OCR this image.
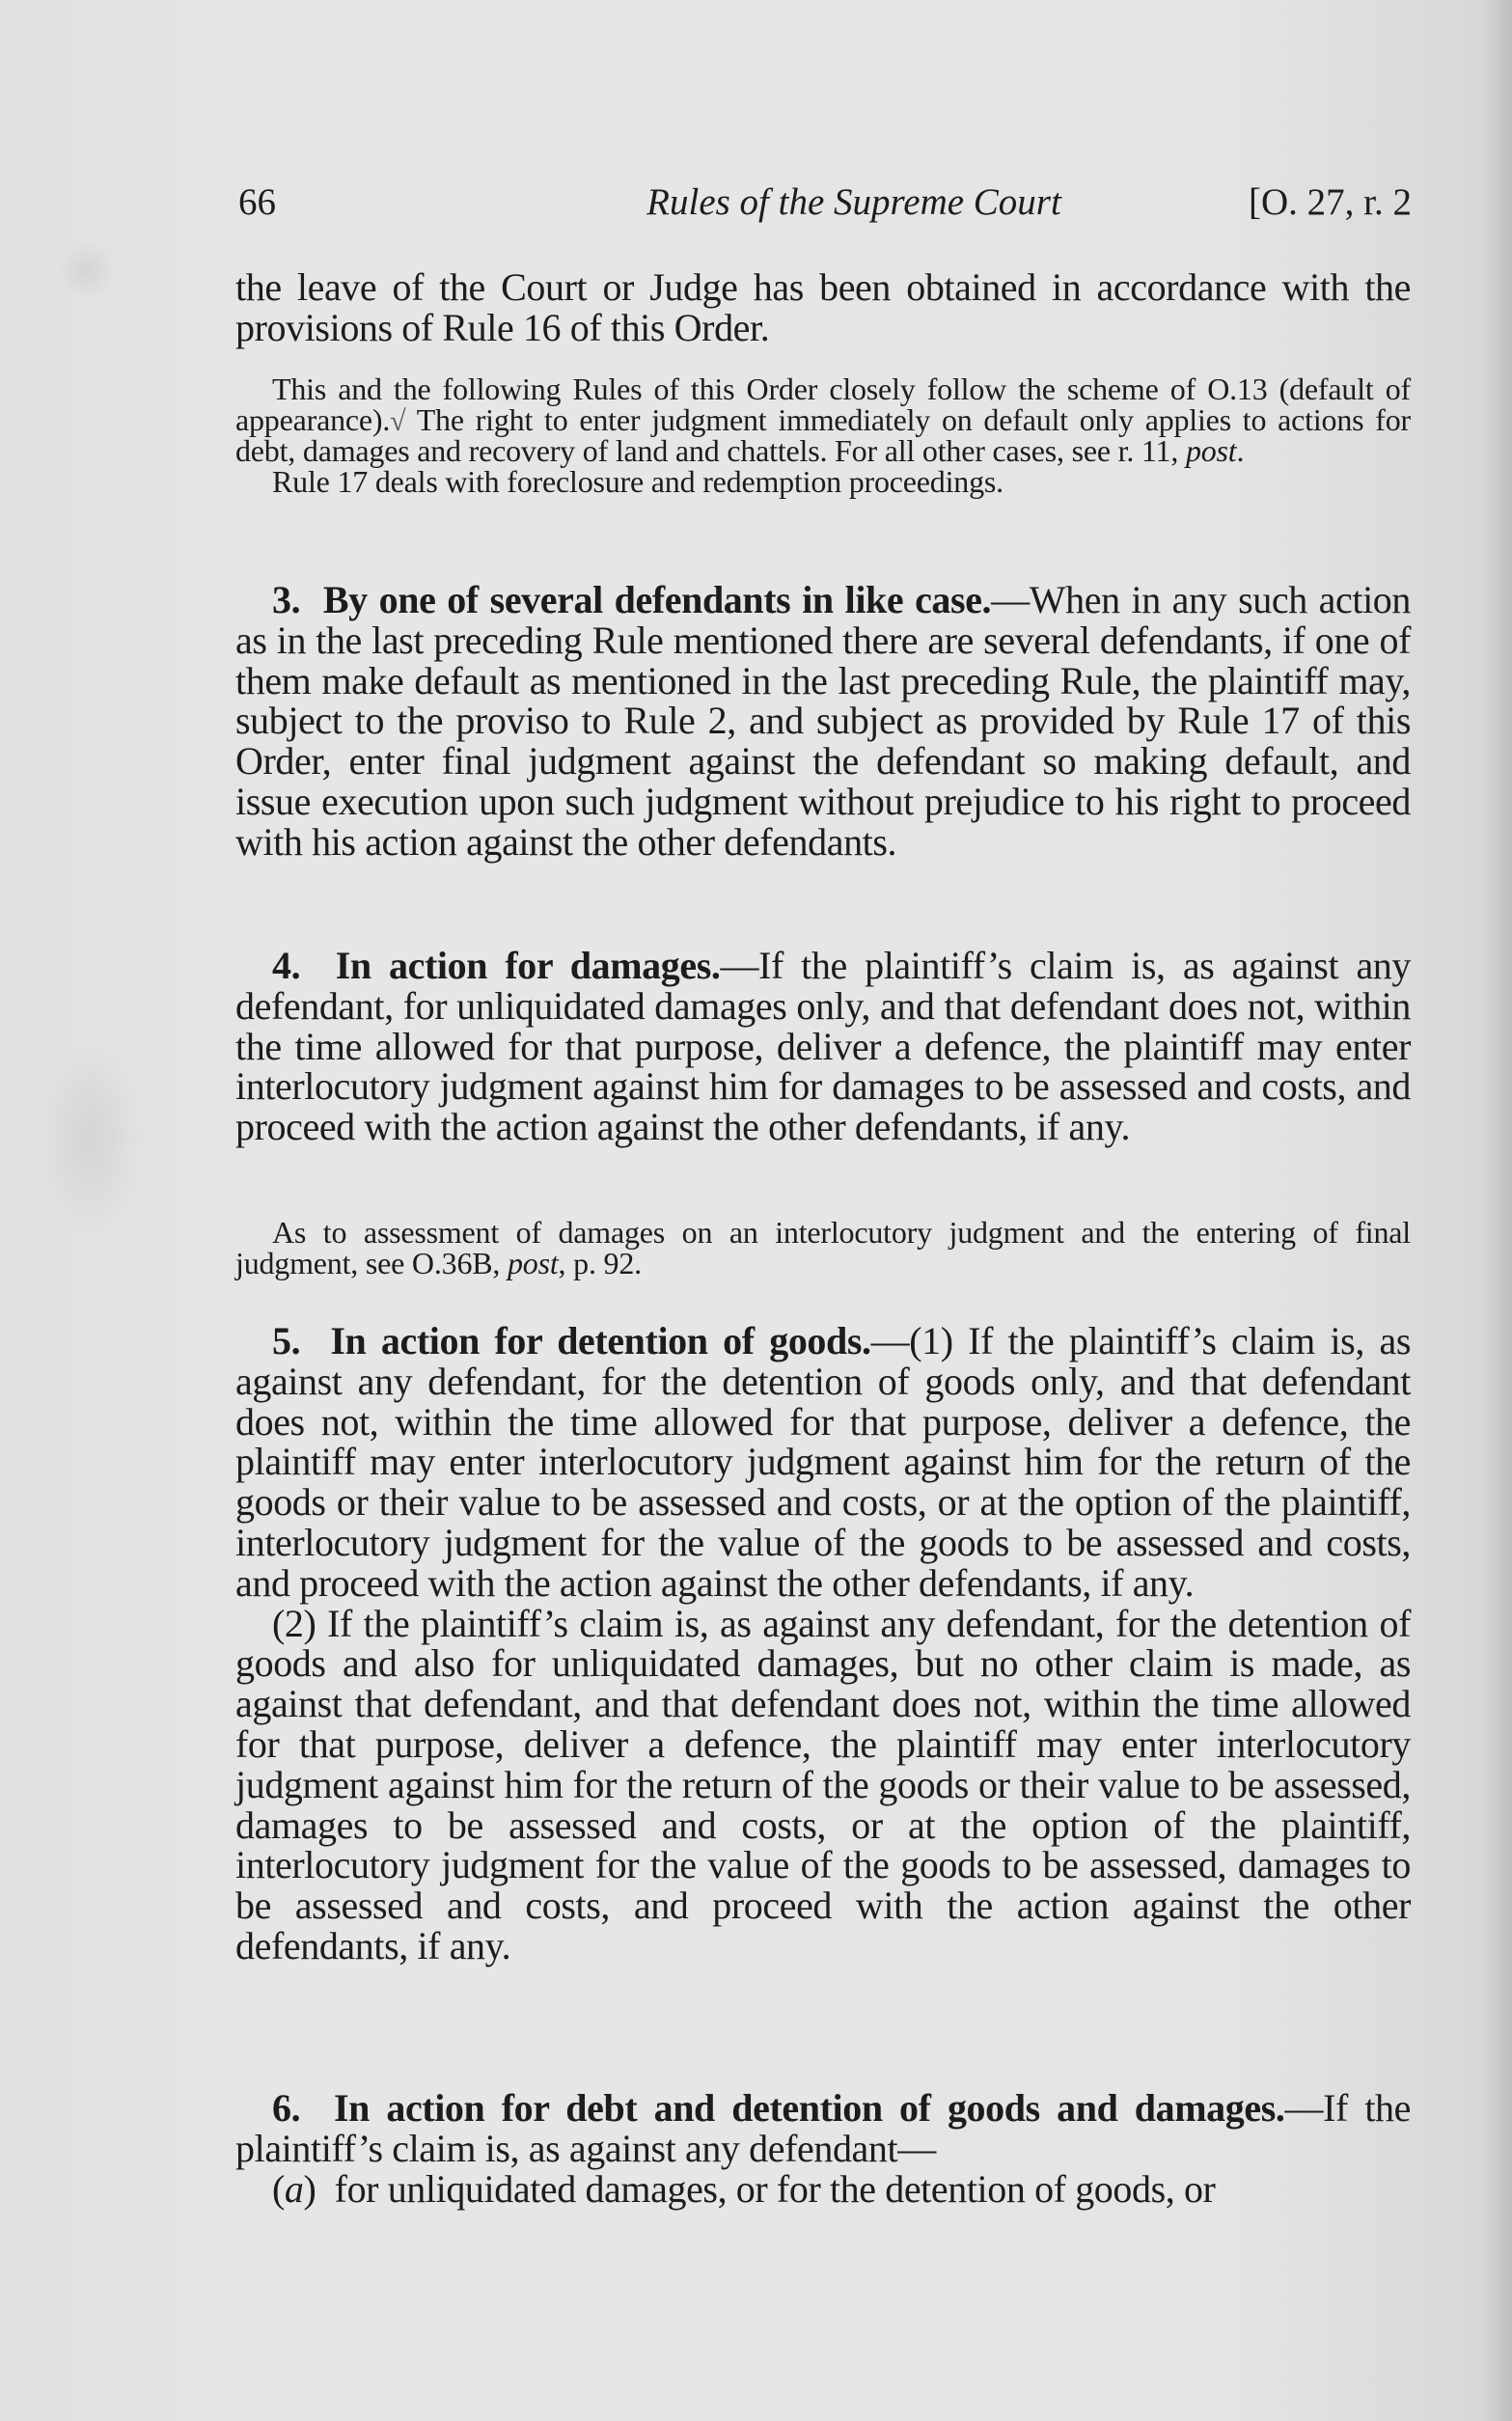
66	Rules of the Supreme Court	[O. 27, r. 2

the leave of the Court or Judge has been obtained in accordance with the provisions of Rule 16 of this Order.

This and the following Rules of this Order closely follow the scheme of O.13 (default of appearance).√ The right to enter judgment immediately on default only applies to actions for debt, damages and recovery of land and chattels. For all other cases, see r. 11, post.

Rule 17 deals with foreclosure and redemption proceedings.

3. By one of several defendants in like case.—When in any such action as in the last preceding Rule mentioned there are several defendants, if one of them make default as mentioned in the last preceding Rule, the plaintiff may, subject to the proviso to Rule 2, and subject as provided by Rule 17 of this Order, enter final judgment against the defendant so making default, and issue execution upon such judgment without prejudice to his right to proceed with his action against the other defendants.

4. In action for damages.—If the plaintiff’s claim is, as against any defendant, for unliquidated damages only, and that defendant does not, within the time allowed for that purpose, deliver a defence, the plaintiff may enter interlocutory judgment against him for damages to be assessed and costs, and proceed with the action against the other defendants, if any.

As to assessment of damages on an interlocutory judgment and the entering of final judgment, see O.36B, post, p. 92.

5. In action for detention of goods.—(1) If the plaintiff’s claim is, as against any defendant, for the detention of goods only, and that defendant does not, within the time allowed for that purpose, deliver a defence, the plaintiff may enter interlocutory judgment against him for the return of the goods or their value to be assessed and costs, or at the option of the plaintiff, interlocutory judgment for the value of the goods to be assessed and costs, and proceed with the action against the other defendants, if any.

(2) If the plaintiff’s claim is, as against any defendant, for the detention of goods and also for unliquidated damages, but no other claim is made, as against that defendant, and that defendant does not, within the time allowed for that purpose, deliver a defence, the plaintiff may enter interlocutory judgment against him for the return of the goods or their value to be assessed, damages to be assessed and costs, or at the option of the plaintiff, interlocutory judgment for the value of the goods to be assessed, damages to be assessed and costs, and proceed with the action against the other defendants, if any.

6. In action for debt and detention of goods and damages.—If the plaintiff’s claim is, as against any defendant—

(a)  for unliquidated damages, or for the detention of goods, or
